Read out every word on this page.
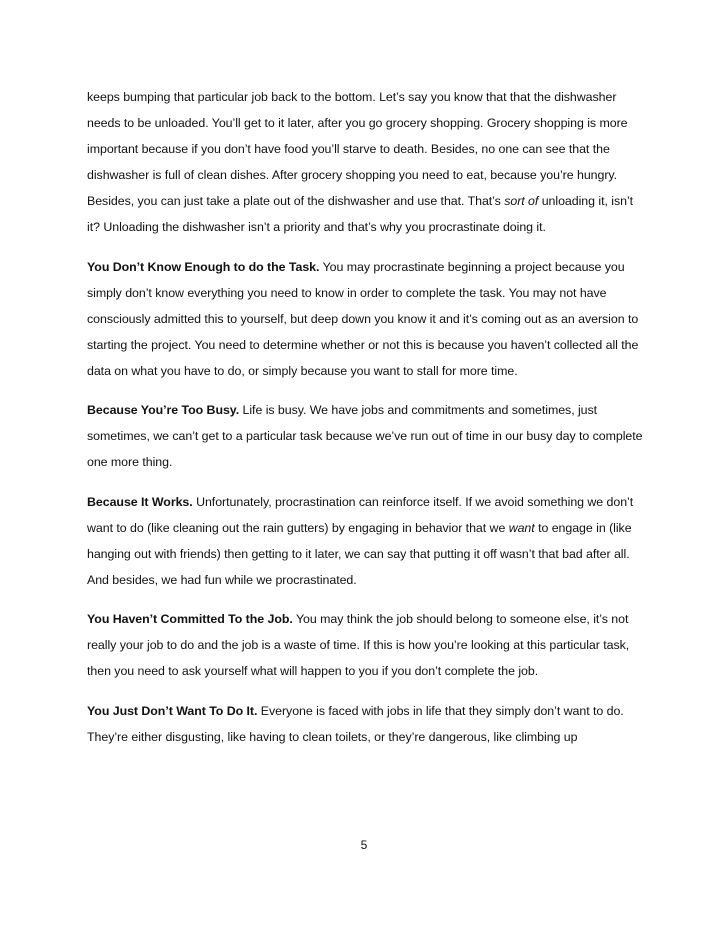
keeps bumping that particular job back to the bottom. Let’s say you know that that the dishwasher needs to be unloaded. You’ll get to it later, after you go grocery shopping. Grocery shopping is more important because if you don’t have food you’ll starve to death. Besides, no one can see that the dishwasher is full of clean dishes. After grocery shopping you need to eat, because you’re hungry. Besides, you can just take a plate out of the dishwasher and use that. That’s sort of unloading it, isn’t it? Unloading the dishwasher isn’t a priority and that’s why you procrastinate doing it.

You Don’t Know Enough to do the Task. You may procrastinate beginning a project because you simply don’t know everything you need to know in order to complete the task. You may not have consciously admitted this to yourself, but deep down you know it and it’s coming out as an aversion to starting the project. You need to determine whether or not this is because you haven’t collected all the data on what you have to do, or simply because you want to stall for more time.

Because You’re Too Busy. Life is busy. We have jobs and commitments and sometimes, just sometimes, we can’t get to a particular task because we’ve run out of time in our busy day to complete one more thing.

Because It Works. Unfortunately, procrastination can reinforce itself. If we avoid something we don’t want to do (like cleaning out the rain gutters) by engaging in behavior that we want to engage in (like hanging out with friends) then getting to it later, we can say that putting it off wasn’t that bad after all. And besides, we had fun while we procrastinated.

You Haven’t Committed To the Job. You may think the job should belong to someone else, it’s not really your job to do and the job is a waste of time. If this is how you’re looking at this particular task, then you need to ask yourself what will happen to you if you don’t complete the job.

You Just Don’t Want To Do It. Everyone is faced with jobs in life that they simply don’t want to do. They’re either disgusting, like having to clean toilets, or they’re dangerous, like climbing up

5
